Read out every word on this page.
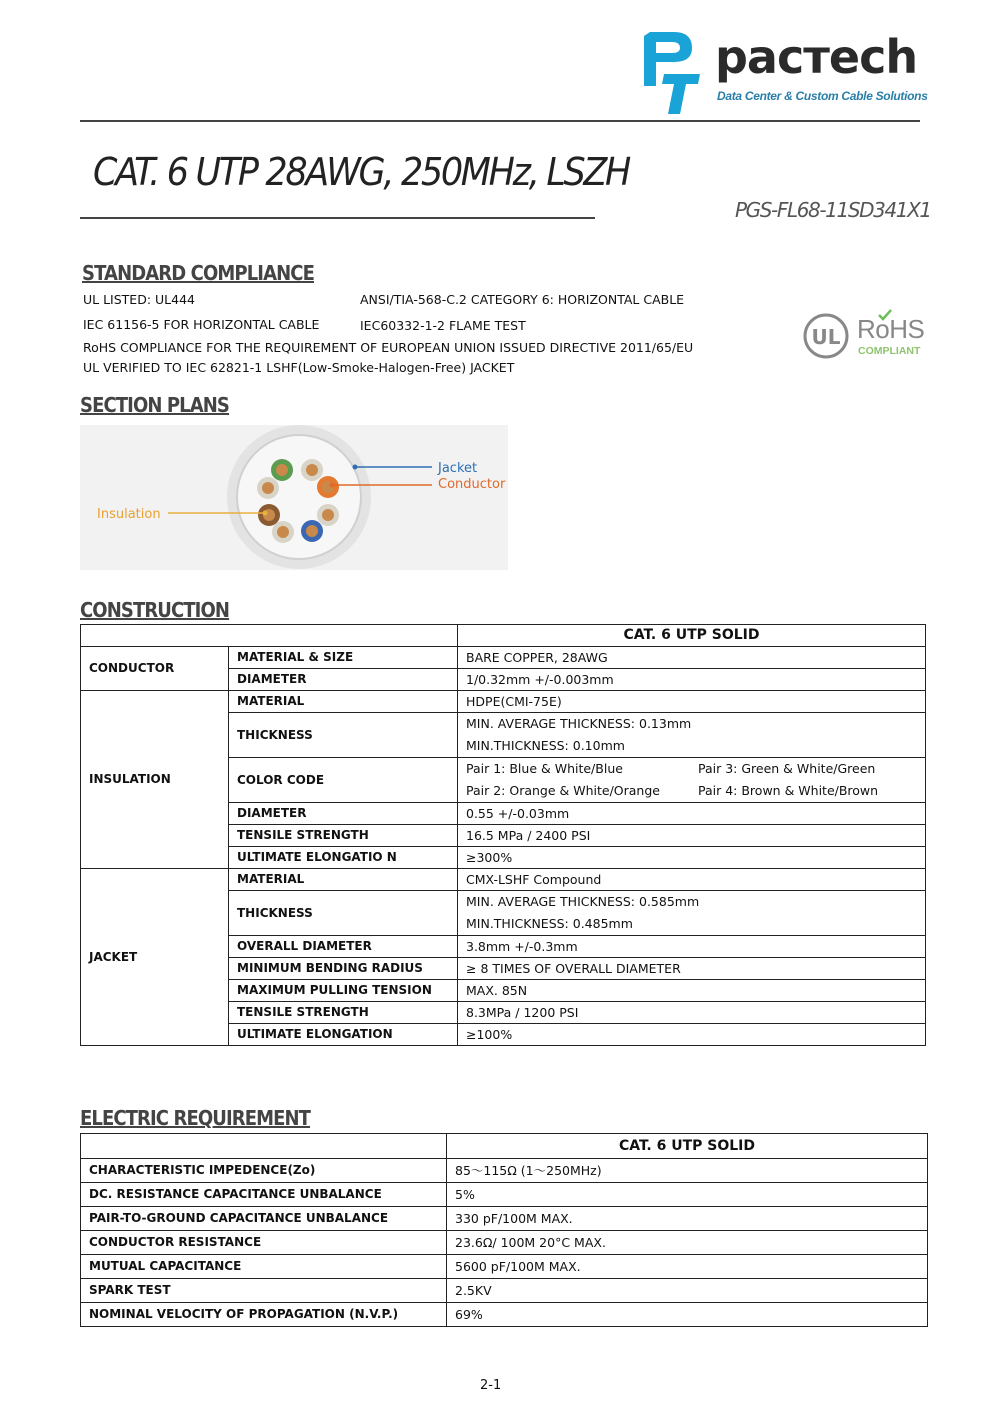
pacтech
Data Center & Custom Cable Solutions
CAT. 6 UTP 28AWG, 250MHz, LSZH
PGS-FL68-11SD341X1
STANDARD COMPLIANCE
UL LISTED: UL444	ANSI/TIA-568-C.2 CATEGORY 6: HORIZONTAL CABLE
IEC 61156-5 FOR HORIZONTAL CABLE	IEC60332-1-2 FLAME TEST
RoHS COMPLIANCE FOR THE REQUIREMENT OF EUROPEAN UNION ISSUED DIRECTIVE 2011/65/EU
UL VERIFIED TO IEC 62821-1 LSHF(Low-Smoke-Halogen-Free) JACKET
UL RoHS
COMPLIANT
SECTION PLANS
Jacket
Conductor
Insulation
CONSTRUCTION
		CAT. 6 UTP SOLID
CONDUCTOR	MATERIAL & SIZE	BARE COPPER, 28AWG
	DIAMETER	1/0.32mm +/-0.003mm
INSULATION	MATERIAL	HDPE(CMI-75E)
	THICKNESS	MIN. AVERAGE THICKNESS: 0.13mm
MIN.THICKNESS: 0.10mm

	COLOR CODE	Pair 1: Blue & White/Blue Pair 3: Green & White/Green
Pair 2: Orange & White/Orange Pair 4: Brown & White/Brown

	DIAMETER	0.55 +/-0.03mm
	TENSILE STRENGTH	16.5 MPa / 2400 PSI
	ULTIMATE ELONGATIO N	≥300%
JACKET	MATERIAL	CMX-LSHF Compound
	THICKNESS	MIN. AVERAGE THICKNESS: 0.585mm
MIN.THICKNESS: 0.485mm

	OVERALL DIAMETER	3.8mm +/-0.3mm
	MINIMUM BENDING RADIUS	≥ 8 TIMES OF OVERALL DIAMETER
	MAXIMUM PULLING TENSION	MAX. 85N
	TENSILE STRENGTH	8.3MPa / 1200 PSI
	ULTIMATE ELONGATION	≥100%
ELECTRIC REQUIREMENT
	CAT. 6 UTP SOLID
CHARACTERISTIC IMPEDENCE(Zo)	85～115Ω (1～250MHz)
DC. RESISTANCE CAPACITANCE UNBALANCE	5%
PAIR-TO-GROUND CAPACITANCE UNBALANCE	330 pF/100M MAX.
CONDUCTOR RESISTANCE	23.6Ω/ 100M 20°C MAX.
MUTUAL CAPACITANCE	5600 pF/100M MAX.
SPARK TEST	2.5KV
NOMINAL VELOCITY OF PROPAGATION (N.V.P.)	69%
2-1
